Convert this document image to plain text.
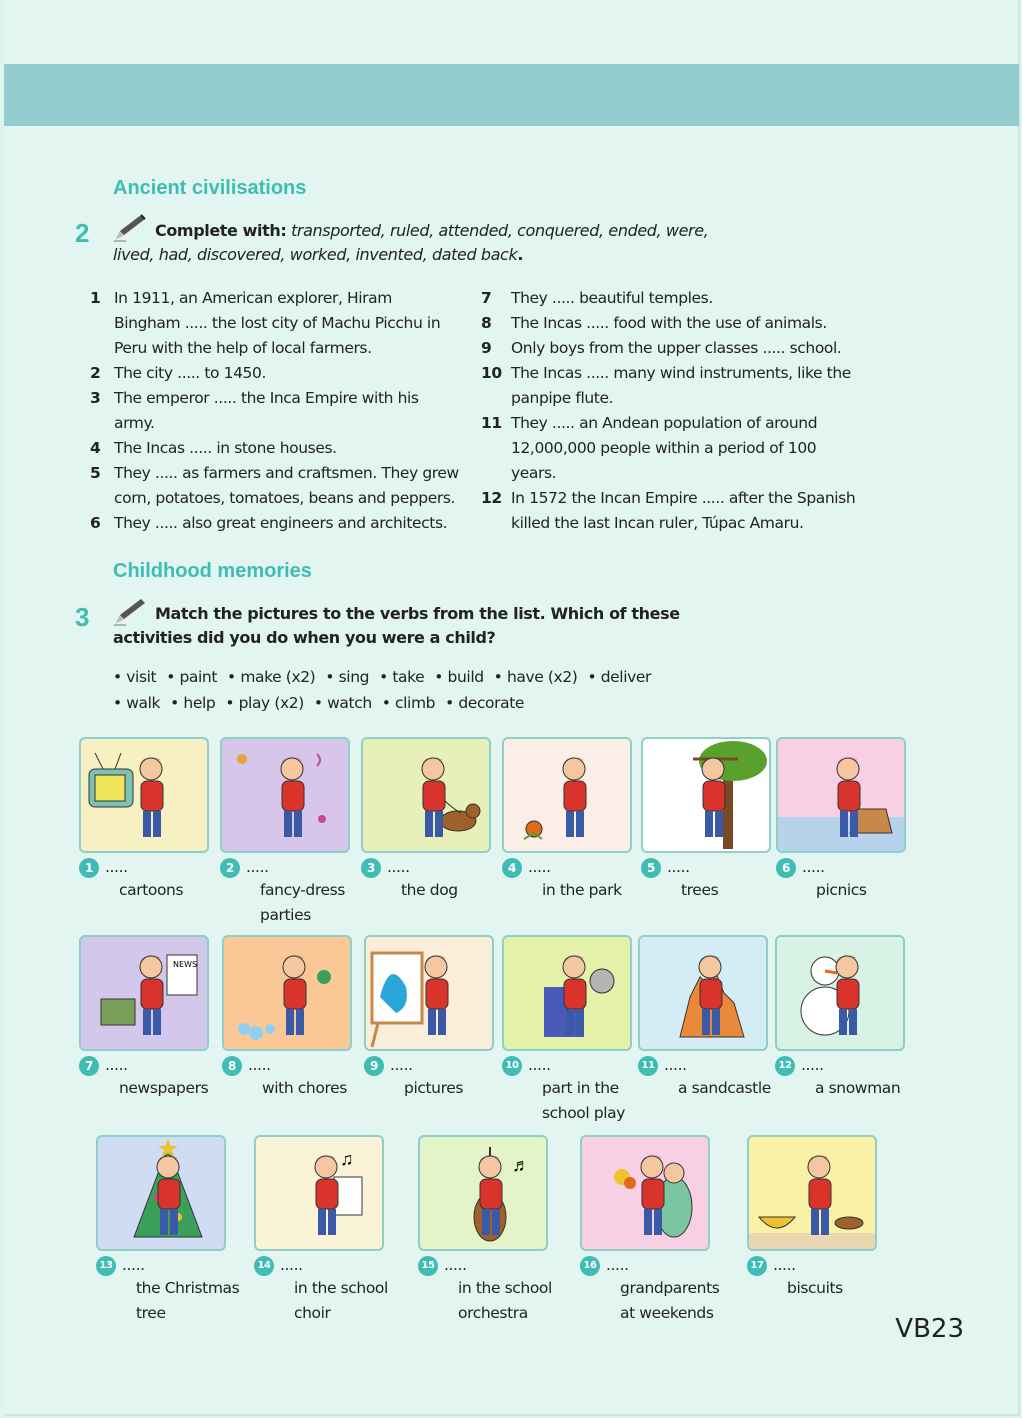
Ancient civilisations
2	Complete with: transported, ruled, attended, conquered, ended, were, lived, had, discovered, worked, invented, dated back.
1 In 1911, an American explorer, Hiram Bingham ..... the lost city of Machu Picchu in Peru with the help of local farmers.
2 The city ..... to 1450.
3 The emperor ..... the Inca Empire with his army.
4 The Incas ..... in stone houses.
5 They ..... as farmers and craftsmen. They grew corn, potatoes, tomatoes, beans and peppers.
6 They ..... also great engineers and architects.
7	They ..... beautiful temples.
8	The Incas ..... food with the use of animals.
9	Only boys from the upper classes ..... school.
10 The Incas ..... many wind instruments, like the panpipe flute.
11 They ..... an Andean population of around 12,000,000 people within a period of 100 years.
12 In 1572 the Incan Empire ..... after the Spanish killed the last Incan ruler, Túpac Amaru.
Childhood memories
3	Match the pictures to the verbs from the list. Which of these activities did you do when you were a child?
• visit • paint • make (x2) • sing • take • build • have (x2) • deliver
• walk • help • play (x2) • watch • climb • decorate
1 .....
cartoons
2 .....
fancy-dress parties
3 .....
the dog
4 .....
in the park
5 .....
trees
6 .....
picnics
NEWS
7 .....
newspapers
8 .....
with chores
9 .....
pictures
10 .....
part in the school play
11 .....
a sandcastle
12 .....
a snowman
13 .....
the Christmas tree
♫
14 .....
in the school choir
♬
15 .....
in the school orchestra
16 .....
grandparents at weekends
17 .....
biscuits
VB23
